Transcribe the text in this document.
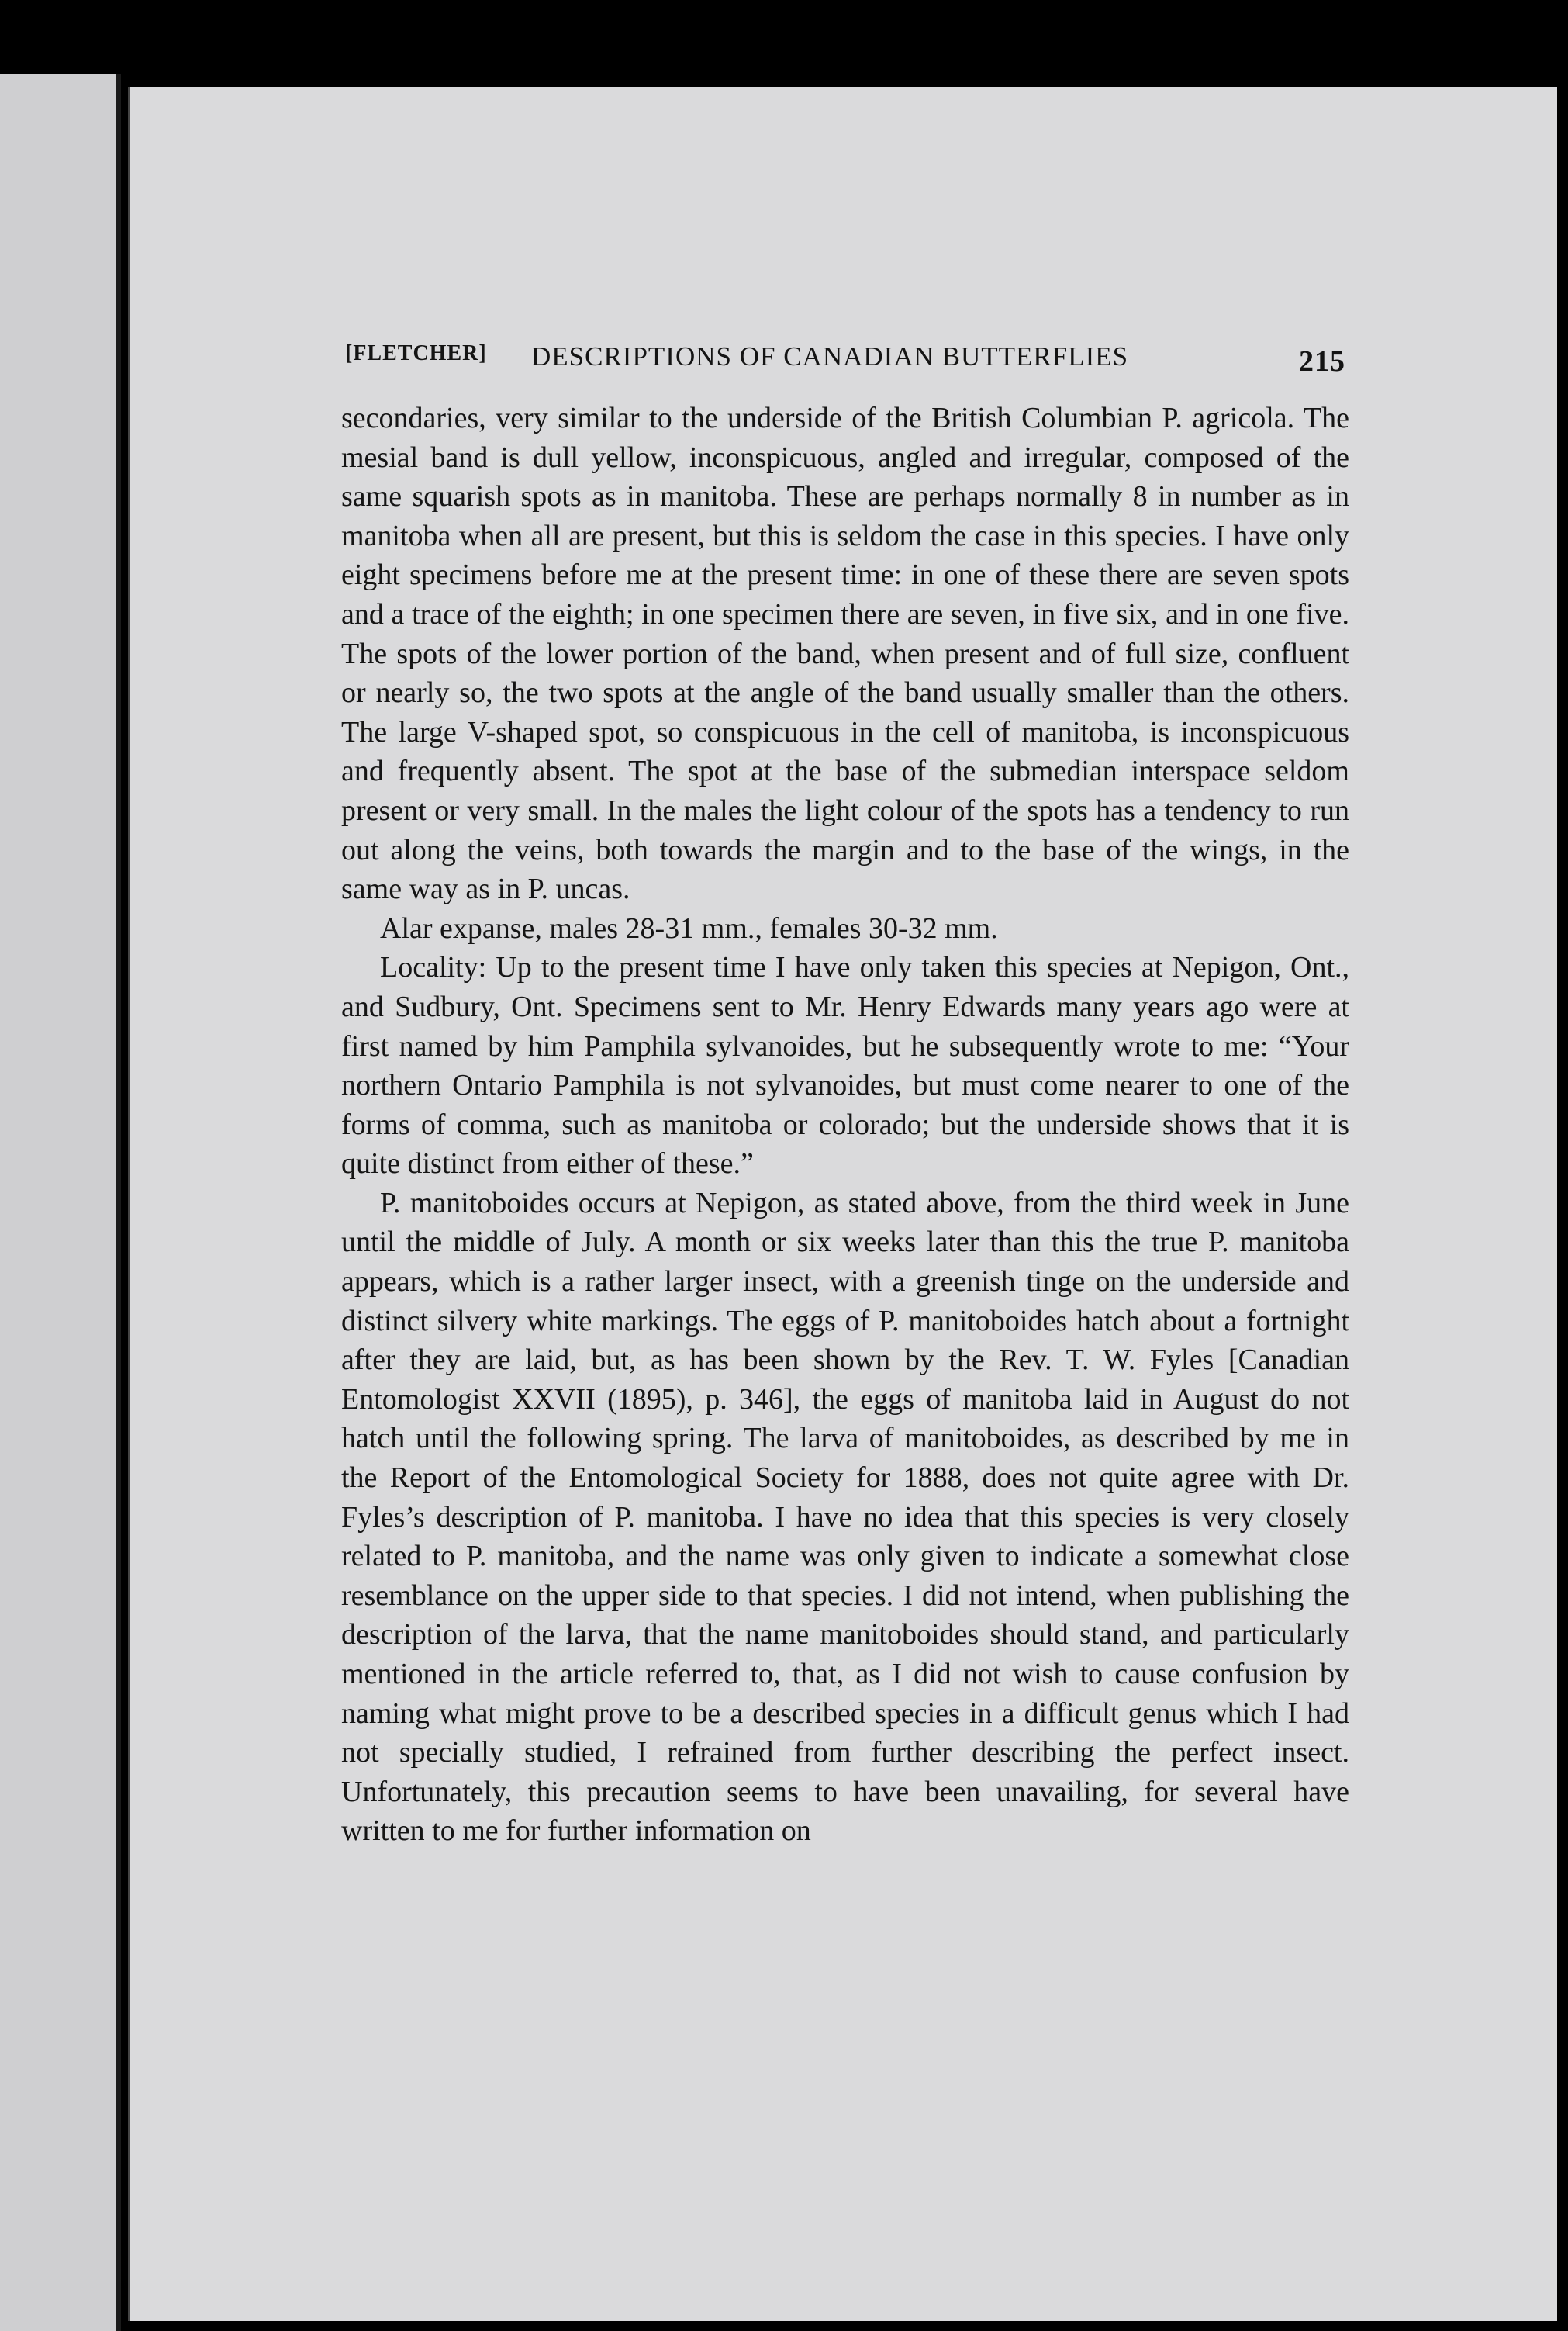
[FLETCHER] DESCRIPTIONS OF CANADIAN BUTTERFLIES	215

secondaries, very similar to the underside of the British Columbian P. agricola. The mesial band is dull yellow, inconspicuous, angled and irregular, composed of the same squarish spots as in manitoba. These are perhaps normally 8 in number as in manitoba when all are present, but this is seldom the case in this species. I have only eight specimens before me at the present time: in one of these there are seven spots and a trace of the eighth; in one specimen there are seven, in five six, and in one five. The spots of the lower portion of the band, when present and of full size, confluent or nearly so, the two spots at the angle of the band usually smaller than the others. The large V-shaped spot, so conspicuous in the cell of manitoba, is inconspicuous and frequently absent. The spot at the base of the submedian interspace seldom present or very small. In the males the light colour of the spots has a tendency to run out along the veins, both towards the margin and to the base of the wings, in the same way as in P. uncas.

Alar expanse, males 28-31 mm., females 30-32 mm.

Locality: Up to the present time I have only taken this species at Nepigon, Ont., and Sudbury, Ont. Specimens sent to Mr. Henry Edwards many years ago were at first named by him Pamphila sylvanoides, but he subsequently wrote to me: “Your northern Ontario Pamphila is not sylvanoides, but must come nearer to one of the forms of comma, such as manitoba or colorado; but the underside shows that it is quite distinct from either of these.”

P. manitoboides occurs at Nepigon, as stated above, from the third week in June until the middle of July. A month or six weeks later than this the true P. manitoba appears, which is a rather larger insect, with a greenish tinge on the underside and distinct silvery white markings. The eggs of P. manitoboides hatch about a fortnight after they are laid, but, as has been shown by the Rev. T. W. Fyles [Canadian Entomologist XXVII (1895), p. 346], the eggs of manitoba laid in August do not hatch until the following spring. The larva of manitoboides, as described by me in the Report of the Entomological Society for 1888, does not quite agree with Dr. Fyles’s description of P. manitoba. I have no idea that this species is very closely related to P. manitoba, and the name was only given to indicate a somewhat close resemblance on the upper side to that species. I did not intend, when publishing the description of the larva, that the name manitoboides should stand, and particularly mentioned in the article referred to, that, as I did not wish to cause confusion by naming what might prove to be a described species in a difficult genus which I had not specially studied, I refrained from further describing the perfect insect. Unfortunately, this precaution seems to have been unavailing, for several have written to me for further information on
